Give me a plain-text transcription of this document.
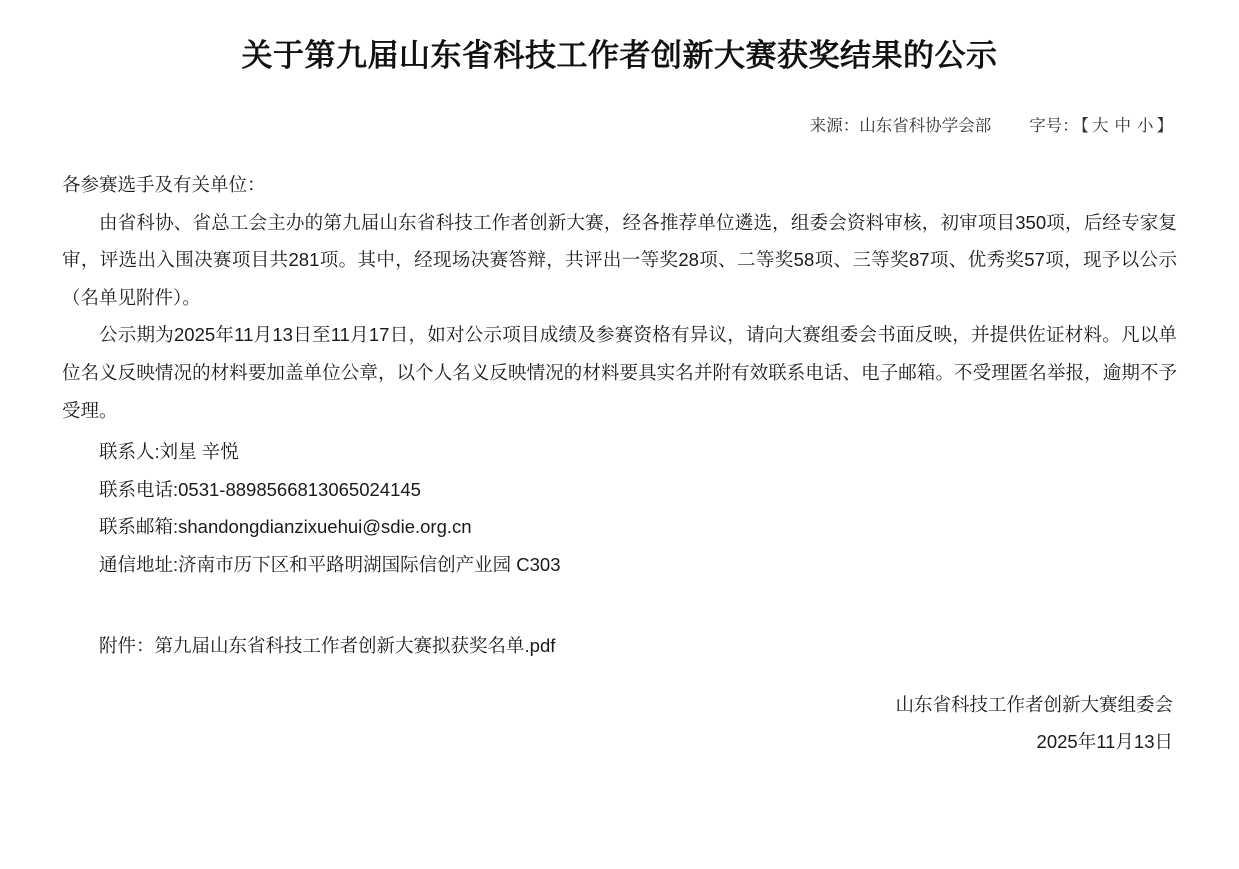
关于第九届山东省科技工作者创新大赛获奖结果的公示
来源：山东省科协学会部 字号： 【 大 中 小 】

各参赛选手及有关单位：

由省科协、省总工会主办的第九届山东省科技工作者创新大赛，经各推荐单位遴选，组委会资料审核，初审项目350项，后经专家复审，评选出入围决赛项目共281项。其中，经现场决赛答辩，共评出一等奖28项、二等奖58项、三等奖87项、优秀奖57项，现予以公示（名单见附件）。

公示期为2025年11月13日至11月17日，如对公示项目成绩及参赛资格有异议，请向大赛组委会书面反映，并提供佐证材料。凡以单位名义反映情况的材料要加盖单位公章，以个人名义反映情况的材料要具实名并附有效联系电话、电子邮箱。不受理匿名举报，逾期不予受理。

联系人:刘星 辛悦

联系电话:0531-8898566813065024145

联系邮箱:shandongdianzixuehui@sdie.org.cn

通信地址:济南市历下区和平路明湖国际信创产业园 C303

附件：第九届山东省科技工作者创新大赛拟获奖名单.pdf
山东省科技工作者创新大赛组委会
2025年11月13日
